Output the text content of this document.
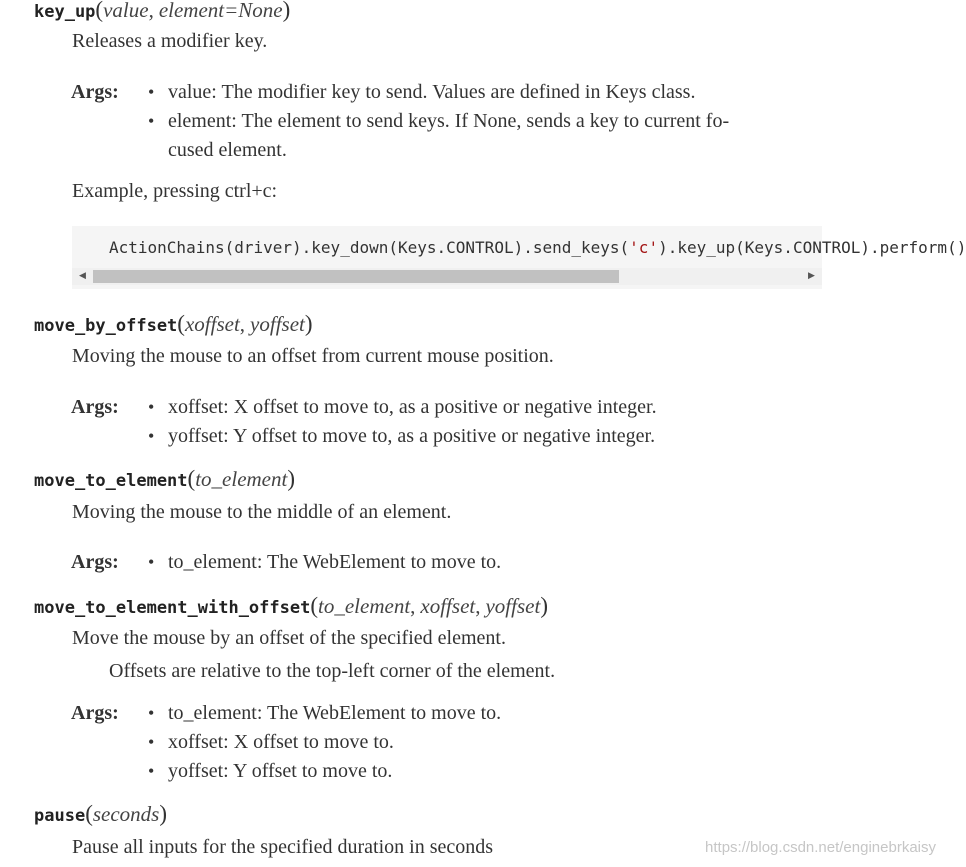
key_up(value, element=None)
Releases a modifier key.
Args: • value: The modifier key to send. Values are defined in Keys class.
• element: The element to send keys. If None, sends a key to current fo-
cused element.
Example, pressing ctrl+c:
ActionChains(driver).key_down(Keys.CONTROL).send_keys('c').key_up(Keys.CONTROL).perform()
◀	▶
move_by_offset(xoffset, yoffset)
Moving the mouse to an offset from current mouse position.
Args: • xoffset: X offset to move to, as a positive or negative integer.
• yoffset: Y offset to move to, as a positive or negative integer.
move_to_element(to_element)
Moving the mouse to the middle of an element.
Args: • to_element: The WebElement to move to.
move_to_element_with_offset(to_element, xoffset, yoffset)
Move the mouse by an offset of the specified element.
Offsets are relative to the top-left corner of the element.
Args: • to_element: The WebElement to move to.
• xoffset: X offset to move to.
• yoffset: Y offset to move to.
pause(seconds)
Pause all inputs for the specified duration in seconds	https://blog.csdn.net/enginebrkaisy
